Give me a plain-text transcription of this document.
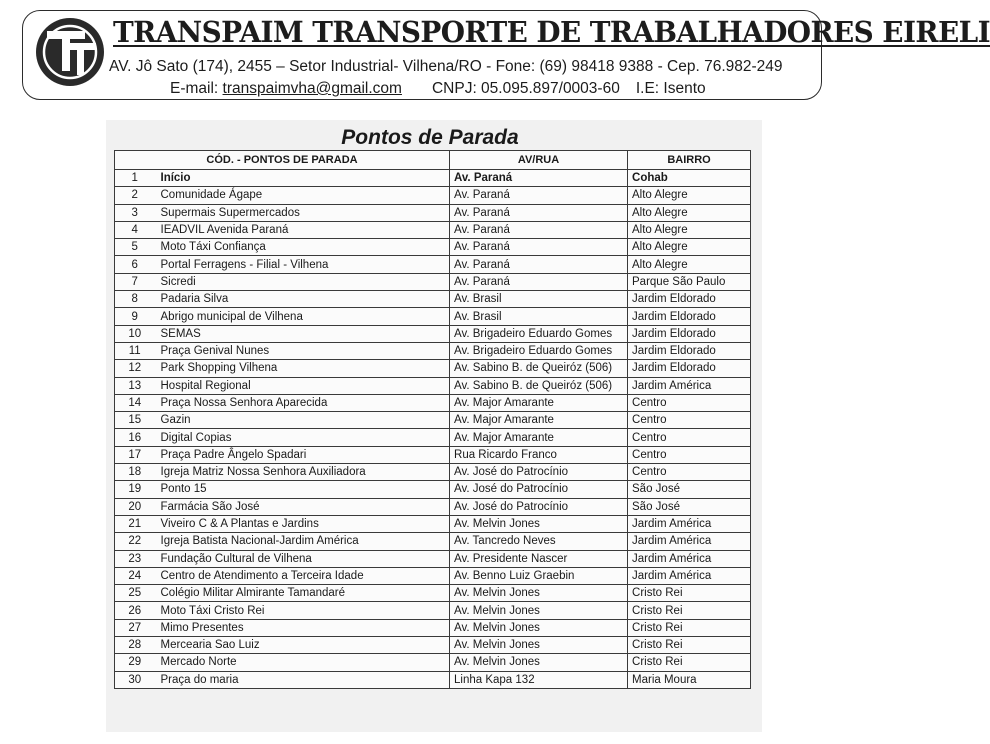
TRANSPAIM TRANSPORTE DE TRABALHADORES EIRELI
AV. Jô Sato (174), 2455 – Setor Industrial- Vilhena/RO - Fone: (69) 98418 9388 - Cep. 76.982-249
E-mail: transpaimvha@gmail.com CNPJ: 05.095.897/0003-60 I.E: Isento
Pontos de Parada
CÓD. - PONTOS DE PARADA		AV/RUA	BAIRRO
1	Início	Av. Paraná	Cohab
2	Comunidade Ágape	Av. Paraná	Alto Alegre
3	Supermais Supermercados	Av. Paraná	Alto Alegre
4	IEADVIL Avenida Paraná	Av. Paraná	Alto Alegre
5	Moto Táxi Confiança	Av. Paraná	Alto Alegre
6	Portal Ferragens - Filial - Vilhena	Av. Paraná	Alto Alegre
7	Sicredi	Av. Paraná	Parque São Paulo
8	Padaria Silva	Av. Brasil	Jardim Eldorado
9	Abrigo municipal de Vilhena	Av. Brasil	Jardim Eldorado
10	SEMAS	Av. Brigadeiro Eduardo Gomes	Jardim Eldorado
11	Praça Genival Nunes	Av. Brigadeiro Eduardo Gomes	Jardim Eldorado
12	Park Shopping Vilhena	Av. Sabino B. de Queiróz (506)	Jardim Eldorado
13	Hospital Regional	Av. Sabino B. de Queiróz (506)	Jardim América
14	Praça Nossa Senhora Aparecida	Av. Major Amarante	Centro
15	Gazin	Av. Major Amarante	Centro
16	Digital Copias	Av. Major Amarante	Centro
17	Praça Padre Ângelo Spadari	Rua Ricardo Franco	Centro
18	Igreja Matriz Nossa Senhora Auxiliadora	Av. José do Patrocínio	Centro
19	Ponto 15	Av. José do Patrocínio	São José
20	Farmácia São José	Av. José do Patrocínio	São José
21	Viveiro C & A Plantas e Jardins	Av. Melvin Jones	Jardim América
22	Igreja Batista Nacional-Jardim América	Av. Tancredo Neves	Jardim América
23	Fundação Cultural de Vilhena	Av. Presidente Nascer	Jardim América
24	Centro de Atendimento a Terceira Idade	Av. Benno Luiz Graebin	Jardim América
25	Colégio Militar Almirante Tamandaré	Av. Melvin Jones	Cristo Rei
26	Moto Táxi Cristo Rei	Av. Melvin Jones	Cristo Rei
27	Mimo Presentes	Av. Melvin Jones	Cristo Rei
28	Mercearia Sao Luiz	Av. Melvin Jones	Cristo Rei
29	Mercado Norte	Av. Melvin Jones	Cristo Rei
30	Praça do maria	Linha Kapa 132	Maria Moura
